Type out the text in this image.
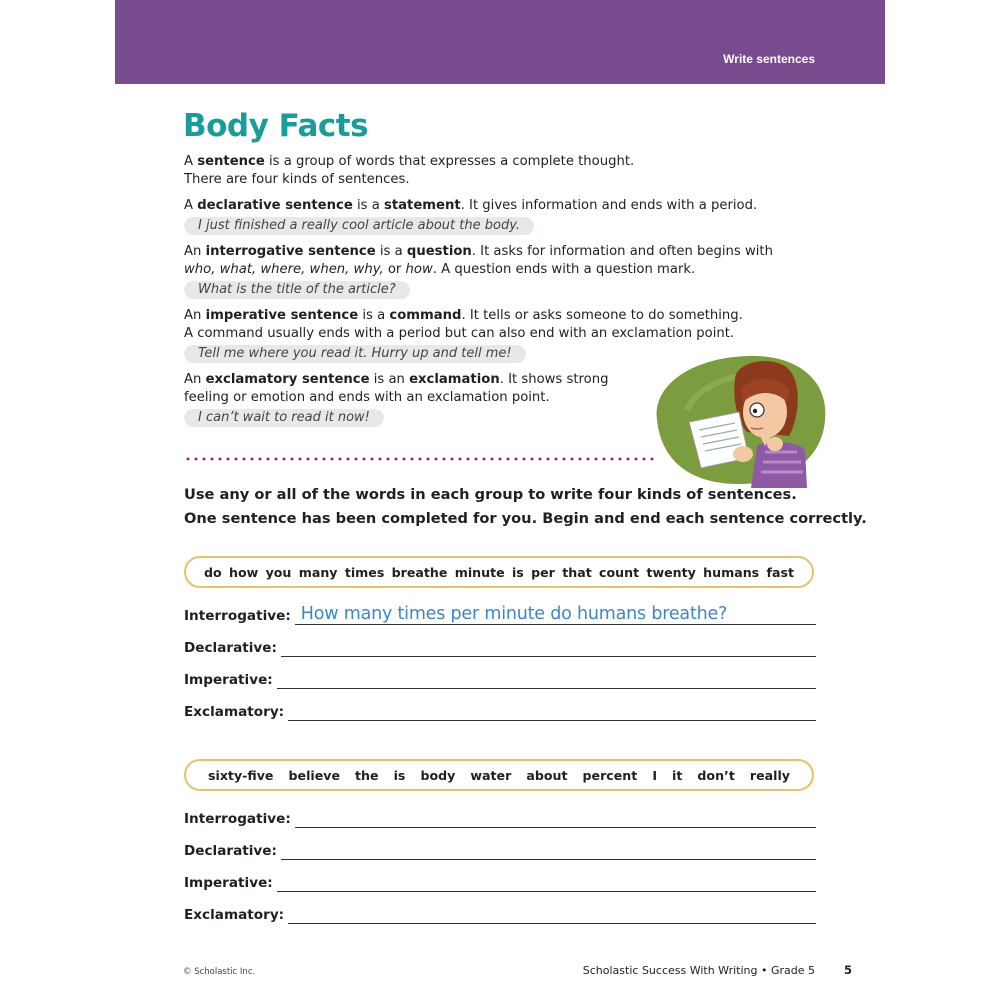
Write sentences
Body Facts

A sentence is a group of words that expresses a complete thought.

There are four kinds of sentences.

A declarative sentence is a statement. It gives information and ends with a period.

I just finished a really cool article about the body.

An interrogative sentence is a question. It asks for information and often begins with

who, what, where, when, why, or how. A question ends with a question mark.

What is the title of the article?

An imperative sentence is a command. It tells or asks someone to do something.

A command usually ends with a period but can also end with an exclamation point.

Tell me where you read it. Hurry up and tell me!

An exclamatory sentence is an exclamation. It shows strong

feeling or emotion and ends with an exclamation point.

I can’t wait to read it now!

Use any or all of the words in each group to write four kinds of sentences.

One sentence has been completed for you. Begin and end each sentence correctly.

do how you many times breathe minute is per that count twenty humans fast
Interrogative: How many times per minute do humans breathe?
Declarative:
Imperative:
Exclamatory:
sixty-five believe the is body water about percent I it don’t really
Interrogative:
Declarative:
Imperative:
Exclamatory:
© Scholastic Inc.	Scholastic Success With Writing • Grade 5	5
